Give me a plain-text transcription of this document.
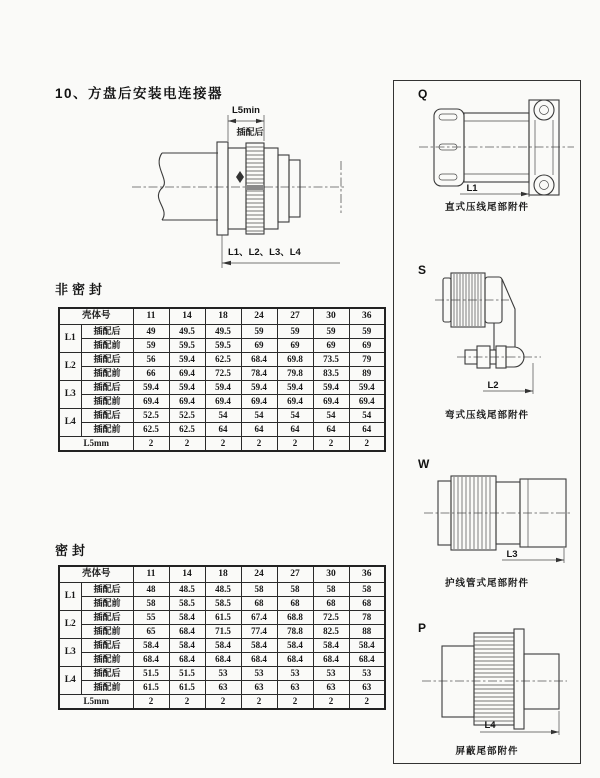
10、方盘后安装电连接器
L5min
插配后
L1、L2、L3、L4
非密封
密封
壳体号		11	14	18	24	27	30	36
L1	插配后	49	49.5	49.5	59	59	59	59
	插配前	59	59.5	59.5	69	69	69	69
L2	插配后	56	59.4	62.5	68.4	69.8	73.5	79
	插配前	66	69.4	72.5	78.4	79.8	83.5	89
L3	插配后	59.4	59.4	59.4	59.4	59.4	59.4	59.4
	插配前	69.4	69.4	69.4	69.4	69.4	69.4	69.4
L4	插配后	52.5	52.5	54	54	54	54	54
	插配前	62.5	62.5	64	64	64	64	64
L5mm		2	2	2	2	2	2	2
壳体号		11	14	18	24	27	30	36
L1	插配后	48	48.5	48.5	58	58	58	58
	插配前	58	58.5	58.5	68	68	68	68
L2	插配后	55	58.4	61.5	67.4	68.8	72.5	78
	插配前	65	68.4	71.5	77.4	78.8	82.5	88
L3	插配后	58.4	58.4	58.4	58.4	58.4	58.4	58.4
	插配前	68.4	68.4	68.4	68.4	68.4	68.4	68.4
L4	插配后	51.5	51.5	53	53	53	53	53
	插配前	61.5	61.5	63	63	63	63	63
L5mm		2	2	2	2	2	2	2
Q
L1
直式压线尾部附件
S
L2
弯式压线尾部附件
W
L3
护线管式尾部附件
P
L4
屏蔽尾部附件
